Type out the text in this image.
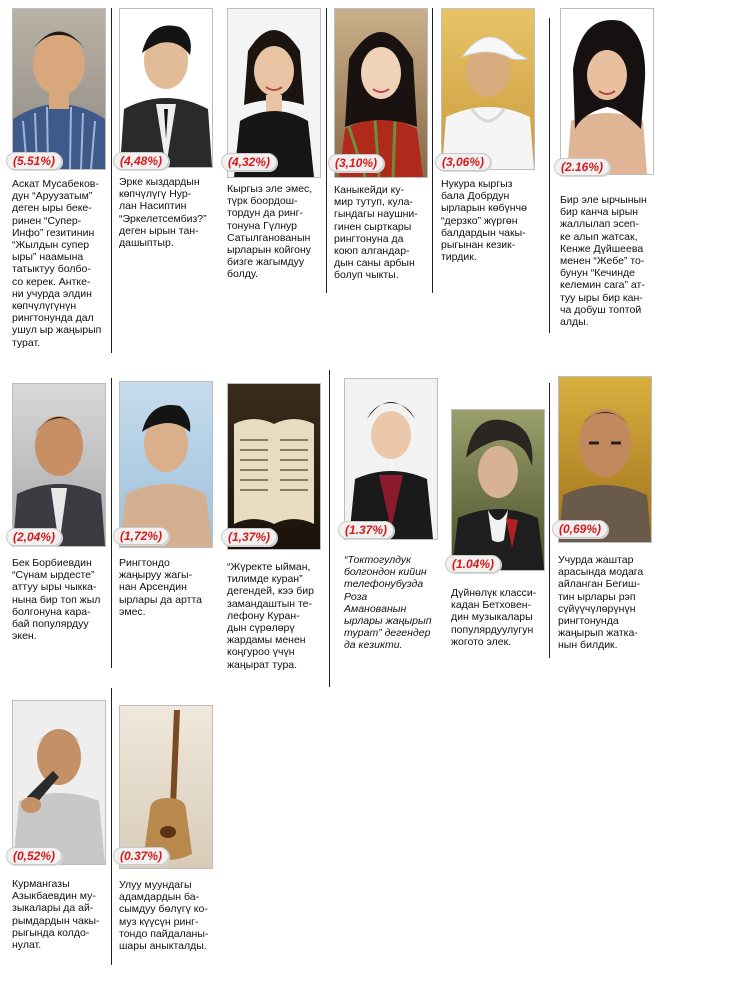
(5.51%)
Аскат Мусабеков-
дун “Аруузатым”
деген ыры беке-
ринен “Супер-
Инфо” гезитинин
“Жылдын супер
ыры” наамына
татыктуу болбо-
со керек. Антке-
ни учурда элдин
көпчүлүгүнүн
рингтонунда дал
ушул ыр жаңырып
турат.
(4,48%)
Эрке кыздардын
көпчүлүгү Нур-
лан Насиптин
“Эркелетсембиз?”
деген ырын тан-
дашыптыр.
(4,32%)
Кыргыз эле эмес,
түрк бoордош-
тордун да ринг-
тонуна Гүлнур
Сатылганованын
ырларын койгону
бизге жагымдуу
болду.
(3,10%)
Каныкейди ку-
мир тутуп, кула-
гындагы наушни-
гинен сырткары
рингтонуна да
коюп алгандар-
дын саны арбын
болуп чыкты.
(3,06%)
Нукура кыргыз
бала Добрдун
ырларын көбүнчө
“дерзко” жүргөн
балдардын чакы-
рыгынан кезик-
тирдик.
(2.16%)
Бир эле ырчынын
бир канча ырын
жаллылап эсеп-
ке алып жатсак,
Кенже Дүйшеева
менен “Жебе” то-
бунун “Кечинде
келемин сага” ат-
туу ыры бир кан-
ча добуш топтой
алды.
(2,04%)
Бек Борбиевдин
“Сүнам ырдесте”
аттуу ыры чыкка-
нына бир топ жыл
болгонуна кара-
бай популярдуу
экен.
(1,72%)
Рингтондо
жаңыруу жагы-
нан Арсендин
ырлары да артта
эмес.
(1,37%)
“Жүректе ыйман,
тилимде куран”
дегендей, кээ бир
замандаштын те-
лефону Куран-
дын сүрөлөрү
жардамы менен
коңгуроо үчүн
жаңырат тура.
(1.37%)
“Токтогулдук
болгондон кийин
телефонубузда
Роза
Амановaнын
ырлары жаңырып
турат” дегендер
да кезикти.
(1.04%)
Дүйнөлүк класси-
кадан Бетховен-
дин музыкалары
популярдуулугун
жогото элек.
(0,69%)
Учурда жаштар
арасында модага
айланган Бегиш-
тин ырлары рэп
сүйүүчүлөрүнүн
рингтонунда
жаңырып жатка-
нын билдик.
(0,52%)
Курмангазы
Азыкбаевдин му-
зыкалары да ай-
рымдардын чакы-
рыгында колдо-
нулат.
(0.37%)
Улуу муундагы
адамдардын ба-
сымдуу бөлүгү ко-
муз күүсүн ринг-
тондо пайдаланы-
шары аныкталды.
